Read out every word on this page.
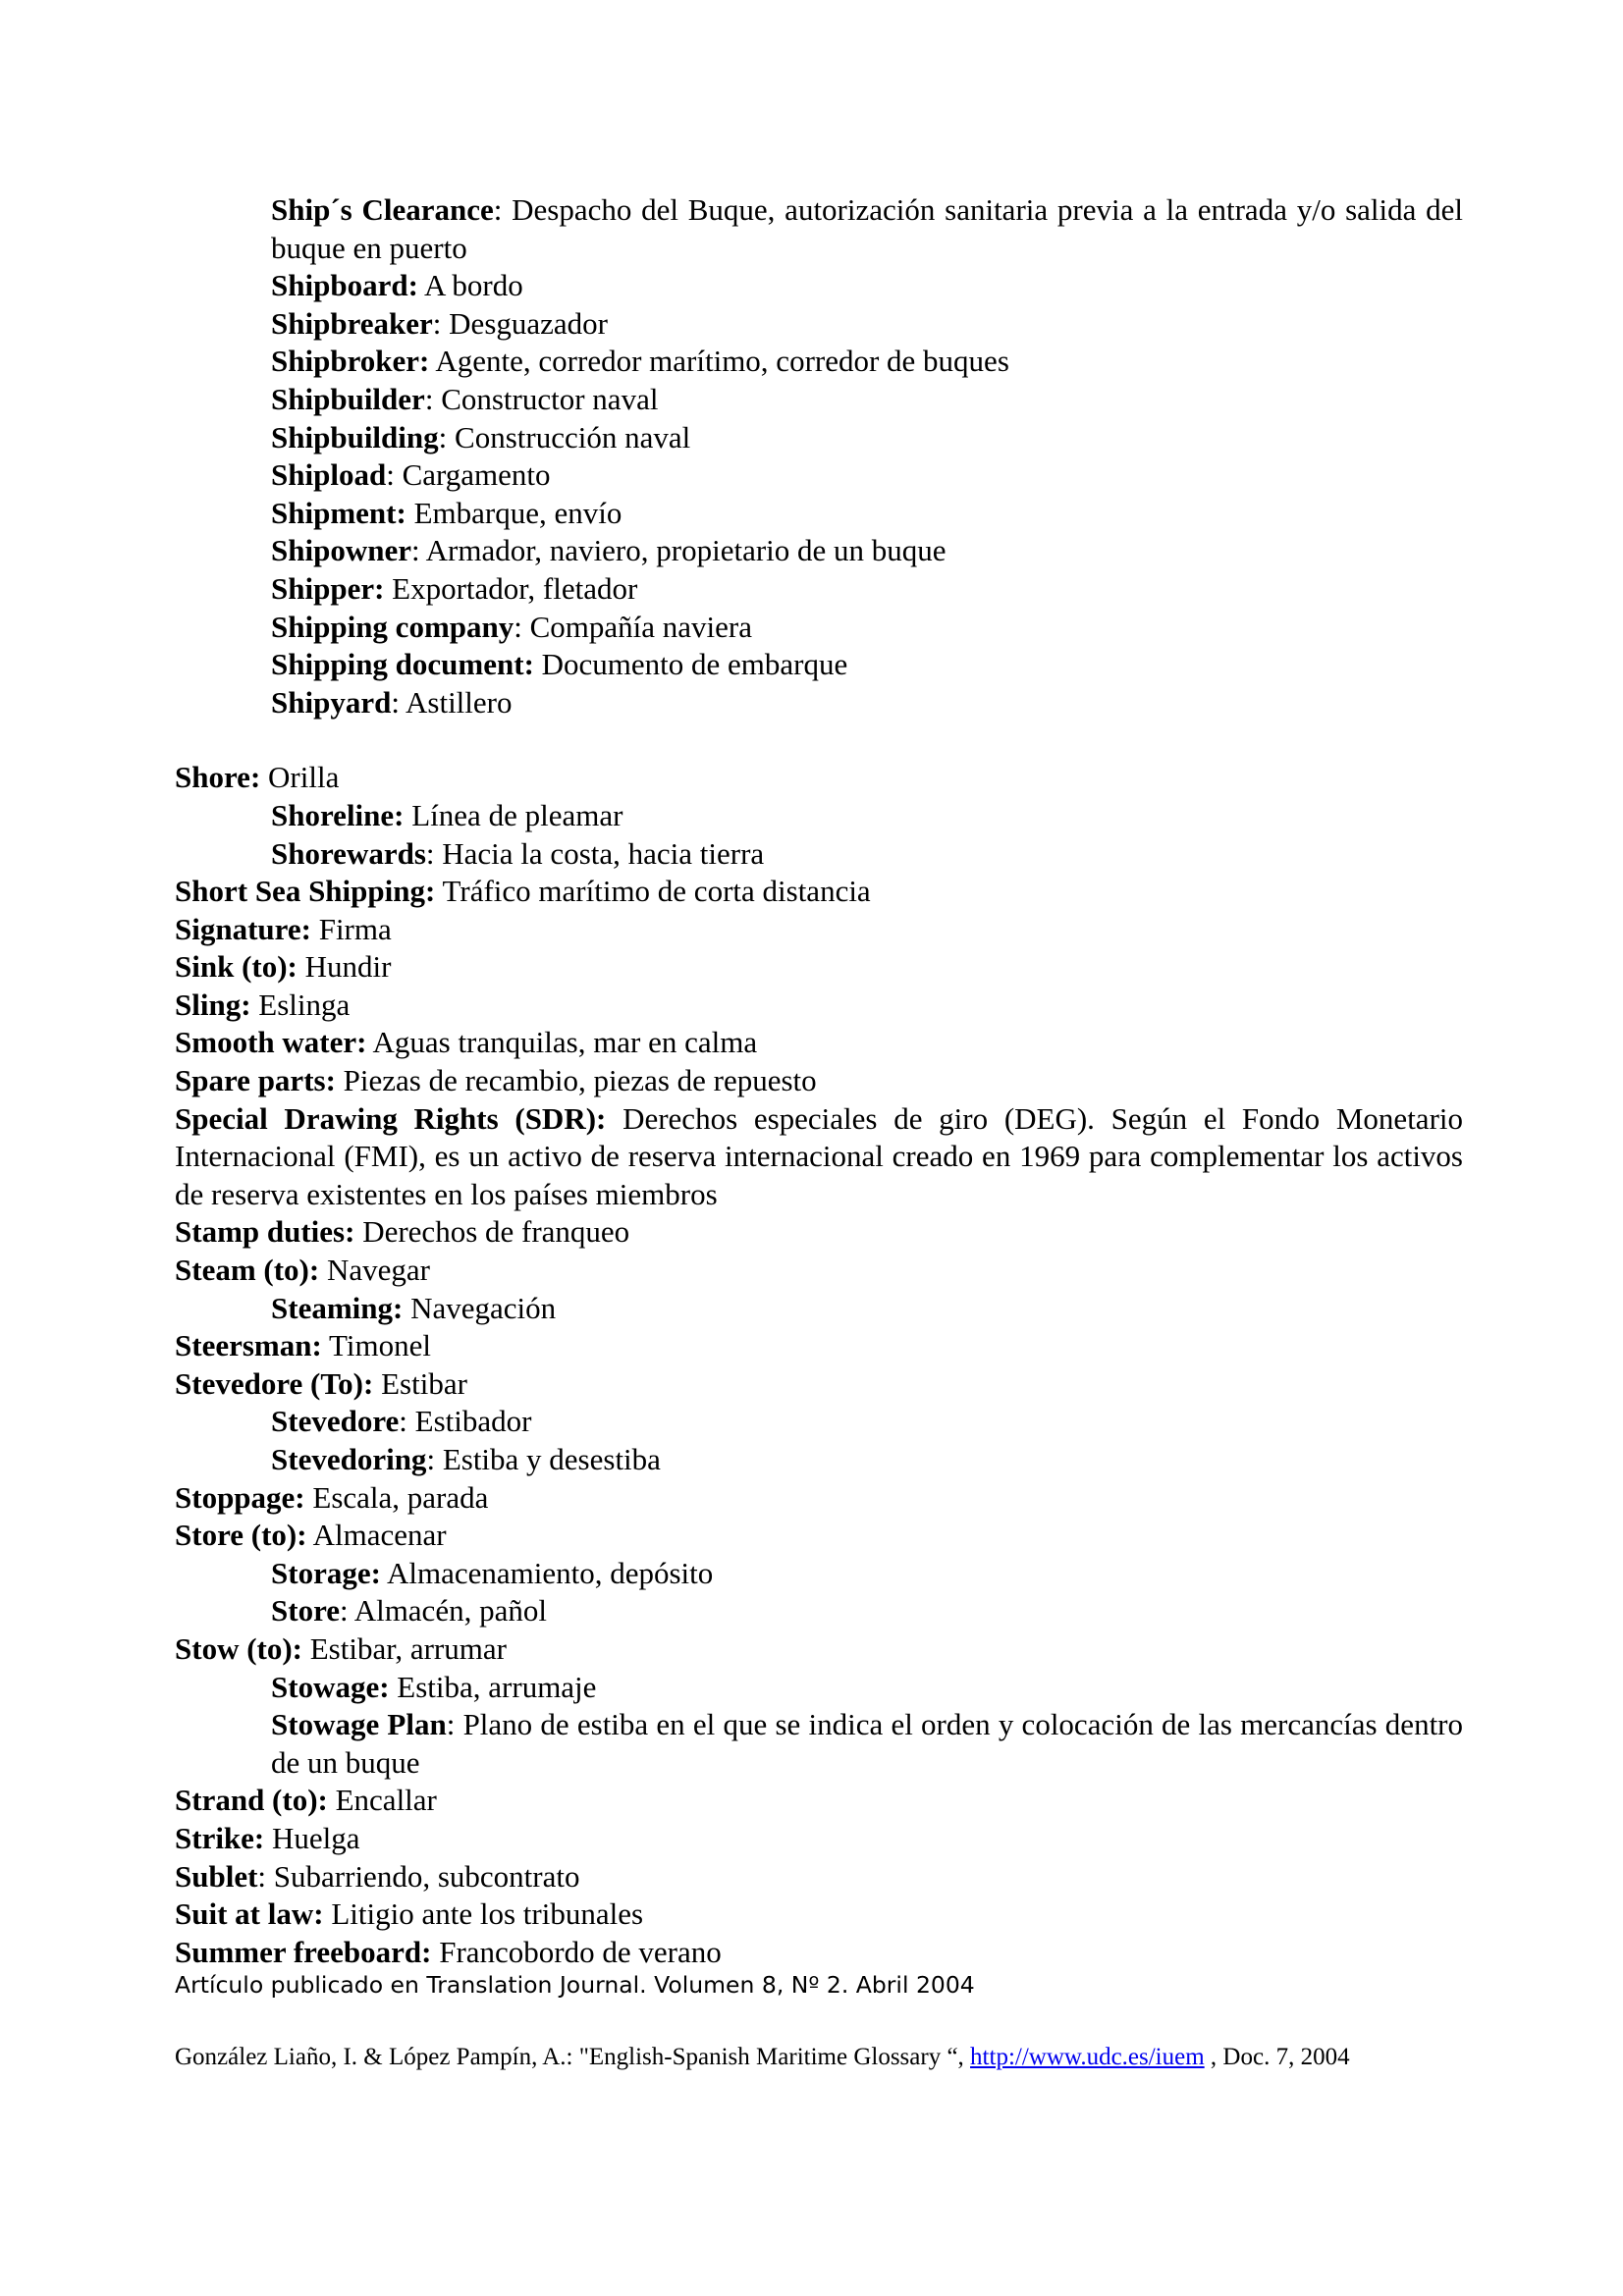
Ship´s Clearance: Despacho del Buque, autorización sanitaria previa a la entrada y/o salida del buque en puerto

Shipboard: A bordo

Shipbreaker: Desguazador

Shipbroker: Agente, corredor marítimo, corredor de buques

Shipbuilder: Constructor naval

Shipbuilding: Construcción naval

Shipload: Cargamento

Shipment: Embarque, envío

Shipowner: Armador, naviero, propietario de un buque

Shipper: Exportador, fletador

Shipping company: Compañía naviera

Shipping document: Documento de embarque

Shipyard: Astillero

Shore: Orilla

Shoreline: Línea de pleamar

Shorewards: Hacia la costa, hacia tierra

Short Sea Shipping: Tráfico marítimo de corta distancia

Signature: Firma

Sink (to): Hundir

Sling: Eslinga

Smooth water: Aguas tranquilas, mar en calma

Spare parts: Piezas de recambio, piezas de repuesto

Special Drawing Rights (SDR): Derechos especiales de giro (DEG). Según el Fondo Monetario Internacional (FMI), es un activo de reserva internacional creado en 1969 para complementar los activos de reserva existentes en los países miembros

Stamp duties: Derechos de franqueo

Steam (to): Navegar

Steaming: Navegación

Steersman: Timonel

Stevedore (To): Estibar

Stevedore: Estibador

Stevedoring: Estiba y desestiba

Stoppage: Escala, parada

Store (to): Almacenar

Storage: Almacenamiento, depósito

Store: Almacén, pañol

Stow (to): Estibar, arrumar

Stowage: Estiba, arrumaje

Stowage Plan: Plano de estiba en el que se indica el orden y colocación de las mercancías dentro de un buque

Strand (to): Encallar

Strike: Huelga

Sublet: Subarriendo, subcontrato

Suit at law: Litigio ante los tribunales

Summer freeboard: Francobordo de verano

Artículo publicado en Translation Journal. Volumen 8, Nº 2. Abril 2004
González Liaño, I. & López Pampín, A.: "English-Spanish Maritime Glossary “, http://www.udc.es/iuem , Doc. 7, 2004
